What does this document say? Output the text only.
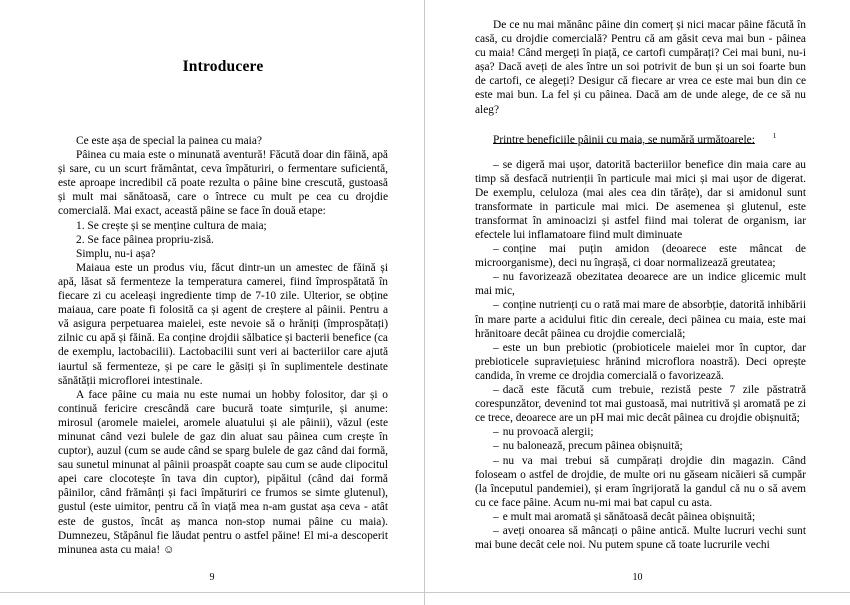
Introducere

Ce este așa de special la painea cu maia?

Pâinea cu maia este o minunată aventură! Făcută doar din făină, apă și sare, cu un scurt frământat, ceva împăturiri, o fermentare suficientă, este aproape incredibil că poate rezulta o pâine bine crescută, gustoasă și mult mai sănătoasă, care o întrece cu mult pe cea cu drojdie comercială. Mai exact, această pâine se face în două etape:

1. Se crește și se menține cultura de maia;

2. Se face pâinea propriu-zisă.

Simplu, nu-i așa?

Maiaua este un produs viu, făcut dintr-un un amestec de făină și apă, lăsat să fermenteze la temperatura camerei, fiind împrospătată în fiecare zi cu aceleași ingrediente timp de 7-10 zile. Ulterior, se obține maiaua, care poate fi folosită ca și agent de creștere al pâinii. Pentru a vă asigura perpetuarea maielei, este nevoie să o hrăniți (împrospătați) zilnic cu apă și făină. Ea conține drojdii sălbatice și bacterii benefice (ca de exemplu, lactobacilii). Lactobacilii sunt veri ai bacteriilor care ajută iaurtul să fermenteze, și pe care le găsiți și în suplimentele destinate sănătății microflorei intestinale.

A face pâine cu maia nu este numai un hobby folositor, dar și o continuă fericire crescândă care bucură toate simțurile, și anume: mirosul (aromele maielei, aromele aluatului și ale pâinii), văzul (este minunat când vezi bulele de gaz din aluat sau pâinea cum crește în cuptor), auzul (cum se aude când se sparg bulele de gaz când dai formă, sau sunetul minunat al pâinii proaspăt coapte sau cum se aude clipocitul apei care clocotește în tava din cuptor), pipăitul (când dai formă pâinilor, când frămânți și faci împăturiri ce frumos se simte glutenul), gustul (este uimitor, pentru că în viață mea n-am gustat așa ceva - atât este de gustos, încât aș manca non-stop numai pâine cu maia). Dumnezeu, Stăpânul fie lăudat pentru o astfel păine! El mi-a descoperit minunea asta cu maia! ☺

9

De ce nu mai mănânc pâine din comerț și nici macar pâine făcută în casă, cu drojdie comercială? Pentru că am găsit ceva mai bun - pâinea cu maia! Când mergeți în piață, ce cartofi cumpărați? Cei mai buni, nu-i așa? Dacă aveți de ales între un soi potrivit de bun și un soi foarte bun de cartofi, ce alegeți? Desigur că fiecare ar vrea ce este mai bun din ce este mai bun. La fel și cu pâinea. Dacă am de unde alege, de ce să nu aleg?

Printre beneficiile pâinii cu maia, se numără următoarele:	$^1$
– se digeră mai ușor, datorită bacteriilor benefice din maia care au timp să desfacă nutrienții în particule mai mici și mai ușor de digerat. De exemplu, celuloza (mai ales cea din tărâțe), dar si amidonul sunt transformate in particule mai mici. De asemenea și glutenul, este transformat în aminoacizi și astfel fiind mai tolerat de organism, iar efectele lui inflamatoare fiind mult diminuate
– conține mai puțin amidon (deoarece este mâncat de microorganisme), deci nu îngrașă, ci doar normalizează greutatea;
– nu favorizează obezitatea deoarece are un indice glicemic mult mai mic,
– conține nutrienți cu o rată mai mare de absorbție, datorită inhibării în mare parte a acidului fitic din cereale, deci pâinea cu maia, este mai hrănitoare decât pâinea cu drojdie comercială;
– este un bun prebiotic (probioticele maielei mor în cuptor, dar prebioticele supraviețuiesc hrănind microflora noastră). Deci oprește candida, în vreme ce drojdia comercială o favorizează.
– dacă este făcută cum trebuie, rezistă peste 7 zile păstratră corespunzător, devenind tot mai gustoasă, mai nutritivă și aromată pe zi ce trece, deoarece are un pH mai mic decât pâinea cu drojdie obișnuită;
– nu provoacă alergii;
– nu balonează, precum pâinea obișnuită;
– nu va mai trebui să cumpărați drojdie din magazin. Când foloseam o astfel de drojdie, de multe ori nu găseam nicăieri să cumpăr (la începutul pandemiei), și eram îngrijorată la gandul că nu o să avem cu ce face pâine. Acum nu-mi mai bat capul cu asta.
– e mult mai aromată și sănătoasă decât pâinea obișnuită;
– aveți onoarea să mâncați o pâine antică. Multe lucruri vechi sunt mai bune decât cele noi. Nu putem spune că toate lucrurile vechi
10
